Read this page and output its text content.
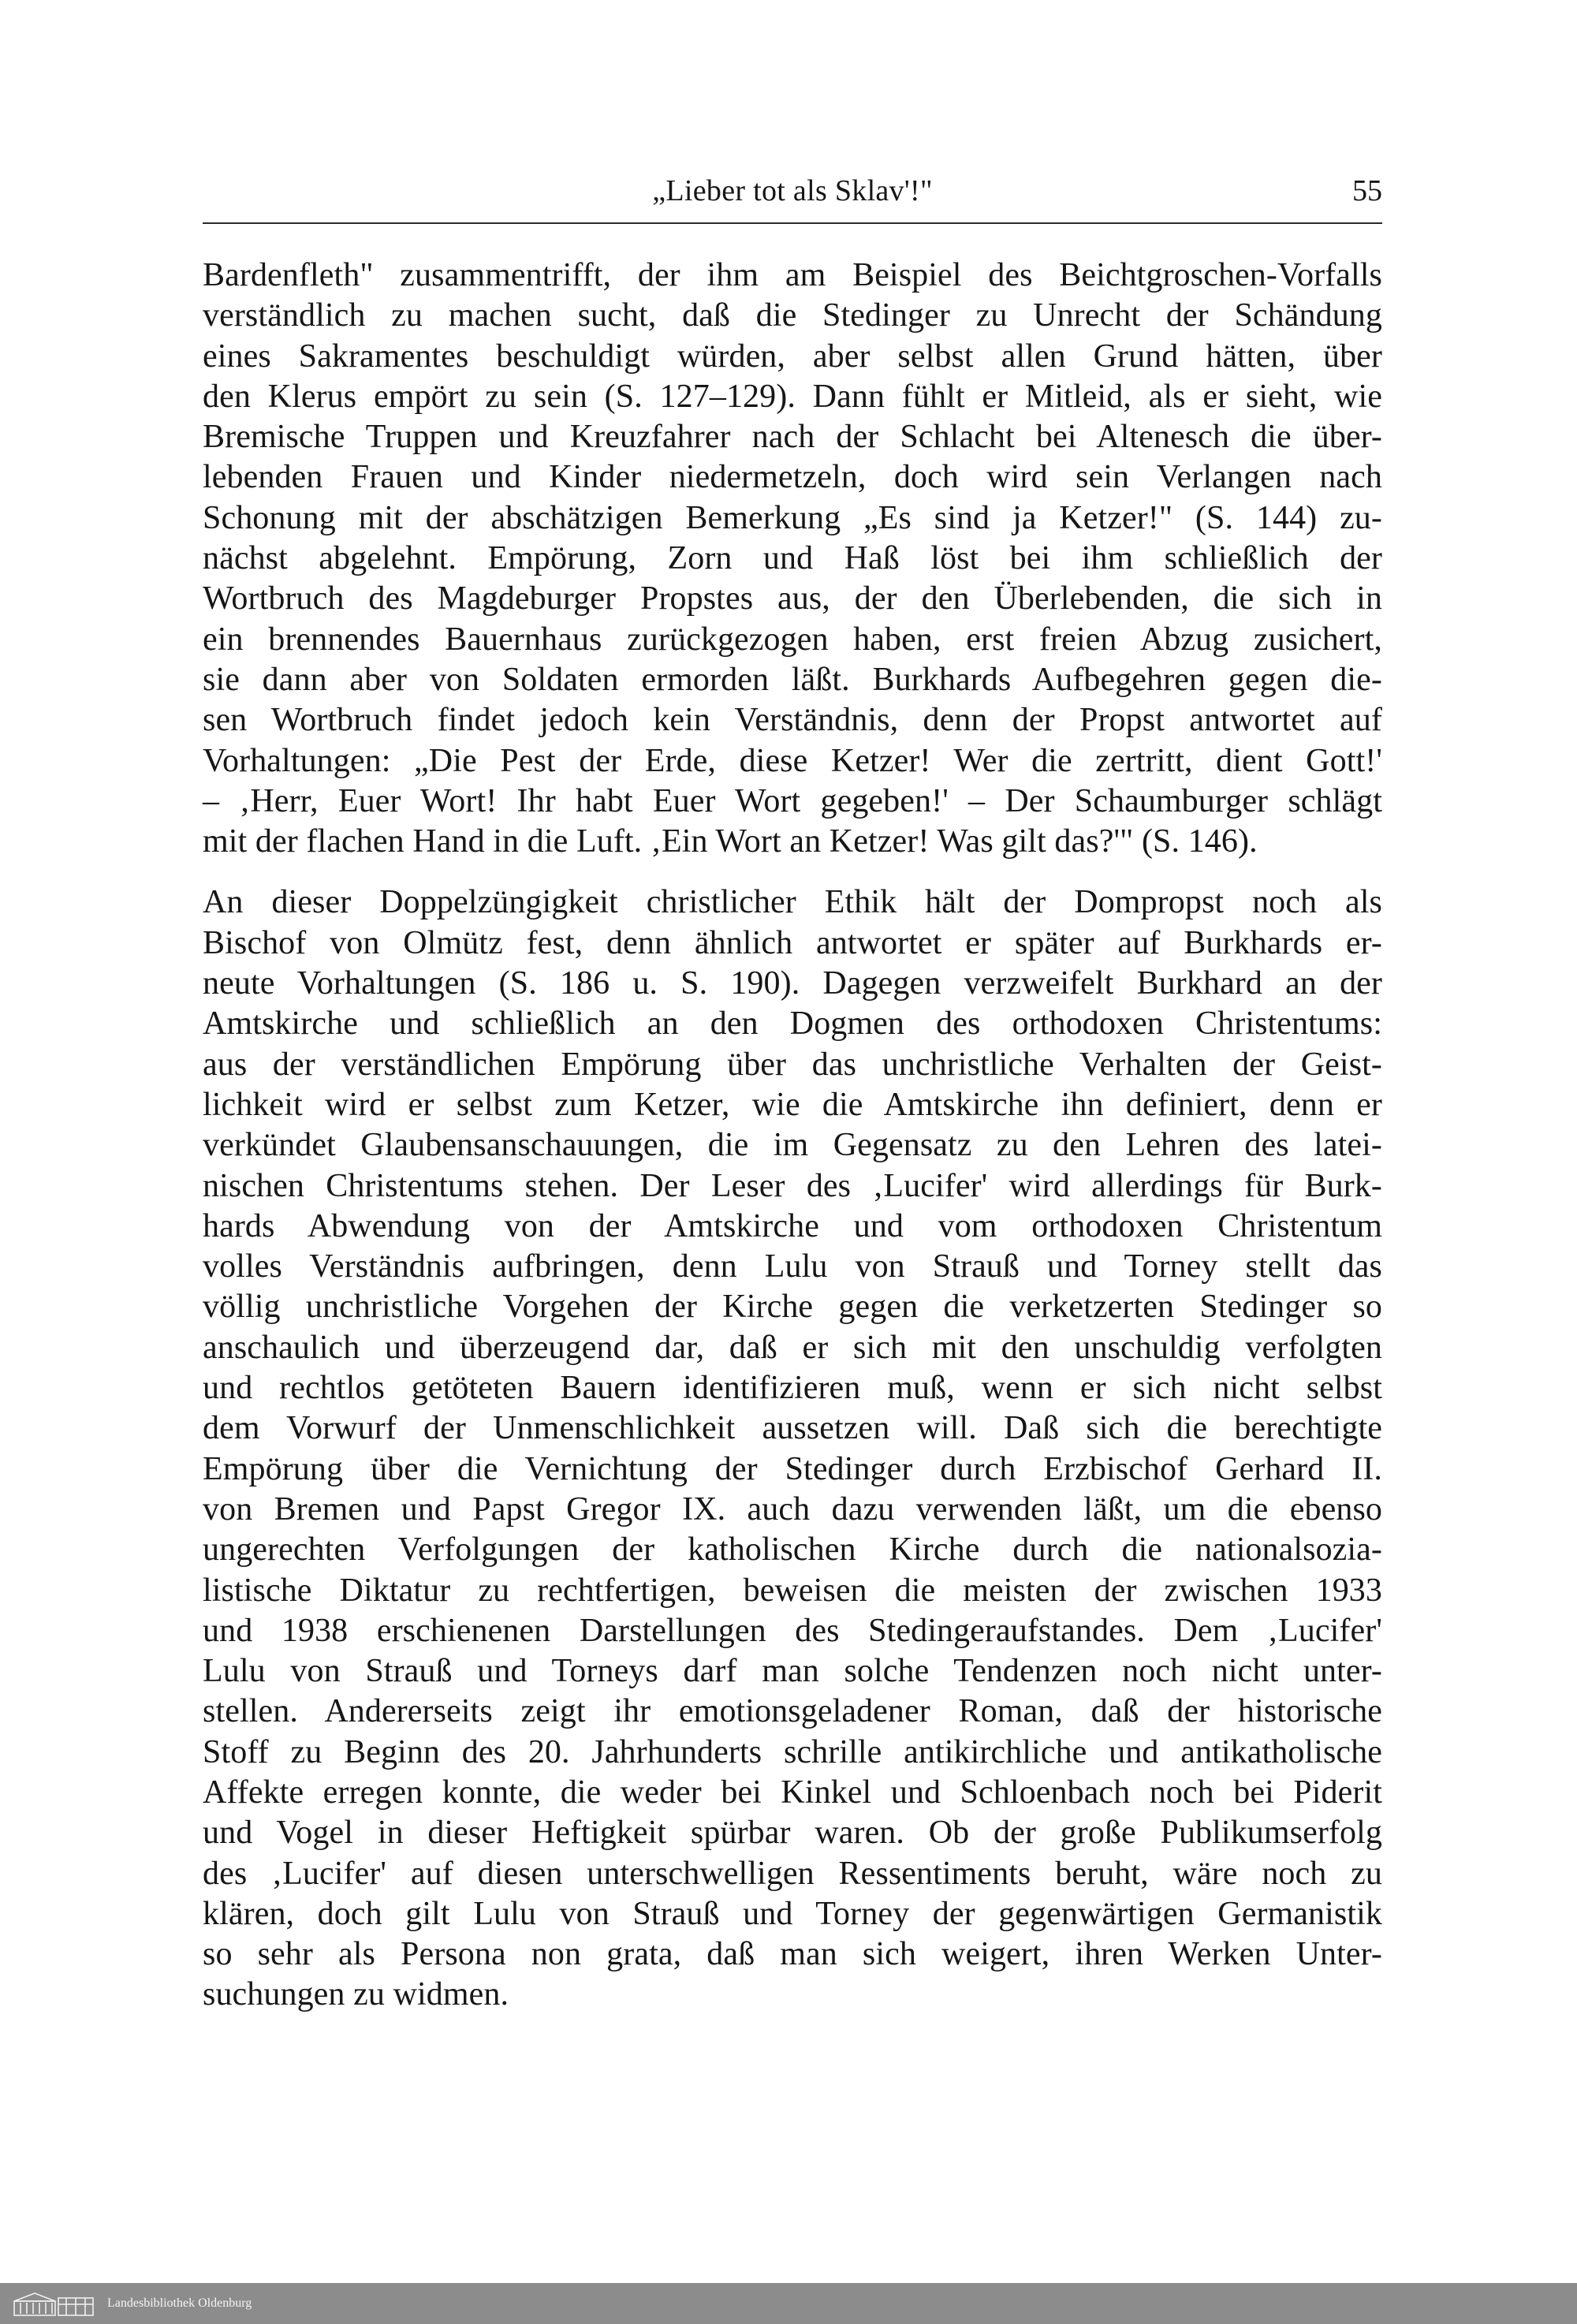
„Lieber tot als Sklav'!"	55
Bardenfleth" zusammentrifft, der ihm am Beispiel des Beichtgroschen-Vorfalls
verständlich zu machen sucht, daß die Stedinger zu Unrecht der Schändung
eines Sakramentes beschuldigt würden, aber selbst allen Grund hätten, über
den Klerus empört zu sein (S. 127–129). Dann fühlt er Mitleid, als er sieht, wie
Bremische Truppen und Kreuzfahrer nach der Schlacht bei Altenesch die über-
lebenden Frauen und Kinder niedermetzeln, doch wird sein Verlangen nach
Schonung mit der abschätzigen Bemerkung „Es sind ja Ketzer!" (S. 144) zu-
nächst abgelehnt. Empörung, Zorn und Haß löst bei ihm schließlich der
Wortbruch des Magdeburger Propstes aus, der den Überlebenden, die sich in
ein brennendes Bauernhaus zurückgezogen haben, erst freien Abzug zusichert,
sie dann aber von Soldaten ermorden läßt. Burkhards Aufbegehren gegen die-
sen Wortbruch findet jedoch kein Verständnis, denn der Propst antwortet auf
Vorhaltungen: „Die Pest der Erde, diese Ketzer! Wer die zertritt, dient Gott!'
– ‚Herr, Euer Wort! Ihr habt Euer Wort gegeben!' – Der Schaumburger schlägt
mit der flachen Hand in die Luft. ‚Ein Wort an Ketzer! Was gilt das?'" (S. 146).
An dieser Doppelzüngigkeit christlicher Ethik hält der Dompropst noch als
Bischof von Olmütz fest, denn ähnlich antwortet er später auf Burkhards er-
neute Vorhaltungen (S. 186 u. S. 190). Dagegen verzweifelt Burkhard an der
Amtskirche und schließlich an den Dogmen des orthodoxen Christentums:
aus der verständlichen Empörung über das unchristliche Verhalten der Geist-
lichkeit wird er selbst zum Ketzer, wie die Amtskirche ihn definiert, denn er
verkündet Glaubensanschauungen, die im Gegensatz zu den Lehren des latei-
nischen Christentums stehen. Der Leser des ‚Lucifer' wird allerdings für Burk-
hards Abwendung von der Amtskirche und vom orthodoxen Christentum
volles Verständnis aufbringen, denn Lulu von Strauß und Torney stellt das
völlig unchristliche Vorgehen der Kirche gegen die verketzerten Stedinger so
anschaulich und überzeugend dar, daß er sich mit den unschuldig verfolgten
und rechtlos getöteten Bauern identifizieren muß, wenn er sich nicht selbst
dem Vorwurf der Unmenschlichkeit aussetzen will. Daß sich die berechtigte
Empörung über die Vernichtung der Stedinger durch Erzbischof Gerhard II.
von Bremen und Papst Gregor IX. auch dazu verwenden läßt, um die ebenso
ungerechten Verfolgungen der katholischen Kirche durch die nationalsozia-
listische Diktatur zu rechtfertigen, beweisen die meisten der zwischen 1933
und 1938 erschienenen Darstellungen des Stedingeraufstandes. Dem ‚Lucifer'
Lulu von Strauß und Torneys darf man solche Tendenzen noch nicht unter-
stellen. Andererseits zeigt ihr emotionsgeladener Roman, daß der historische
Stoff zu Beginn des 20. Jahrhunderts schrille antikirchliche und antikatholische
Affekte erregen konnte, die weder bei Kinkel und Schloenbach noch bei Piderit
und Vogel in dieser Heftigkeit spürbar waren. Ob der große Publikumserfolg
des ‚Lucifer' auf diesen unterschwelligen Ressentiments beruht, wäre noch zu
klären, doch gilt Lulu von Strauß und Torney der gegenwärtigen Germanistik
so sehr als Persona non grata, daß man sich weigert, ihren Werken Unter-
suchungen zu widmen.
Landesbibliothek Oldenburg
